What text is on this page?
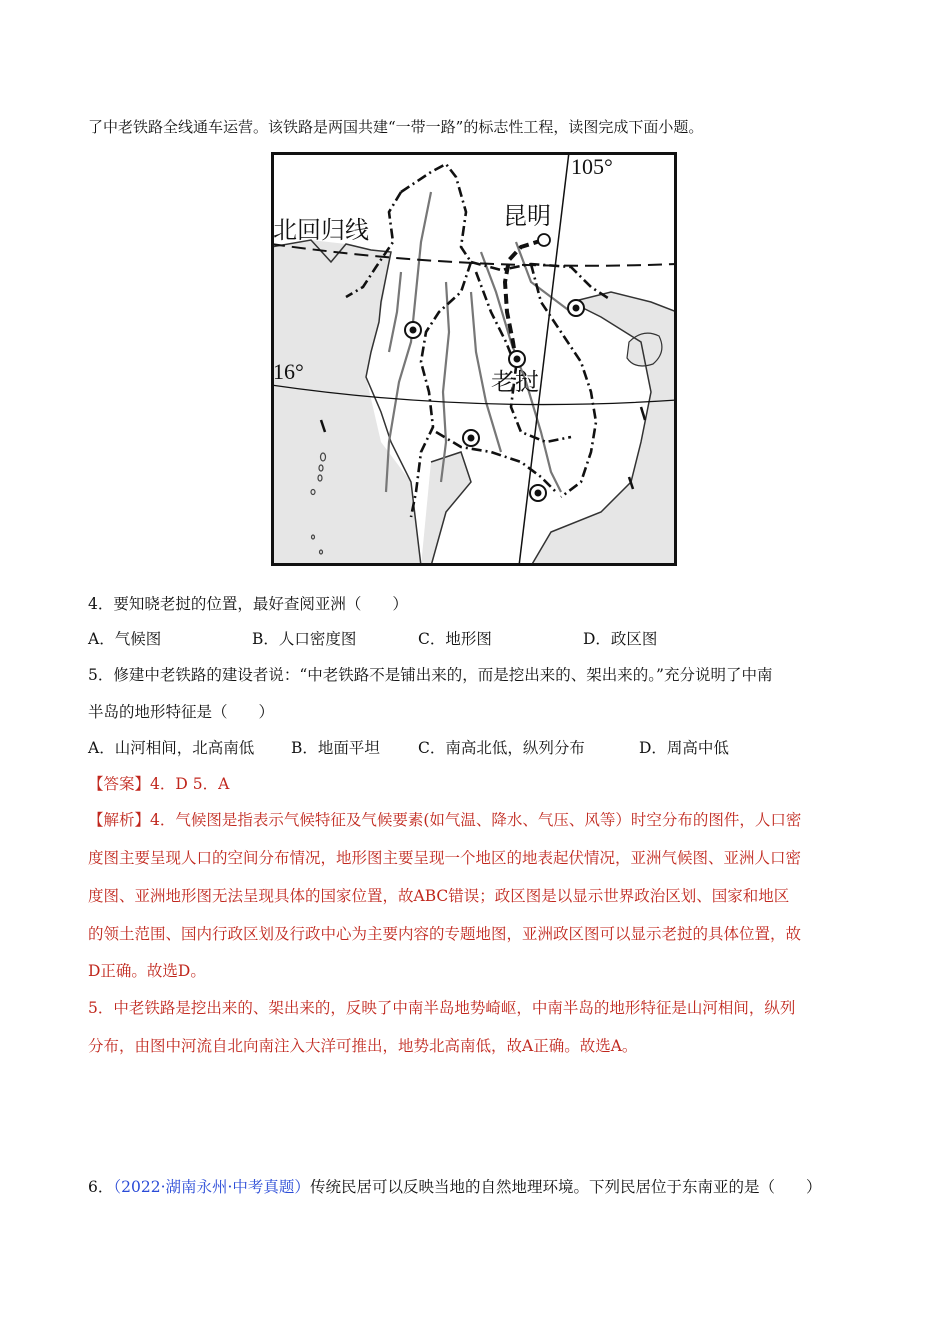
了中老铁路全线通车运营。该铁路是两国共建“一带一路”的标志性工程，读图完成下面小题。
105°
北回归线	昆明
16°	老挝
4．要知晓老挝的位置，最好查阅亚洲（　　）
A．气候图	B．人口密度图	C．地形图	D．政区图
5．修建中老铁路的建设者说：“中老铁路不是铺出来的，而是挖出来的、架出来的。”充分说明了中南
半岛的地形特征是（　　）
A．山河相间，北高南低 B．地面平坦 C．南高北低，纵列分布	D．周高中低
【答案】4．D 5．A
【解析】4．气候图是指表示气候特征及气候要素(如气温、降水、气压、风等）时空分布的图件，人口密
度图主要呈现人口的空间分布情况，地形图主要呈现一个地区的地表起伏情况，亚洲气候图、亚洲人口密
度图、亚洲地形图无法呈现具体的国家位置，故ABC错误；政区图是以显示世界政治区划、国家和地区
的领土范围、国内行政区划及行政中心为主要内容的专题地图，亚洲政区图可以显示老挝的具体位置，故
D正确。故选D。
5．中老铁路是挖出来的、架出来的，反映了中南半岛地势崎岖，中南半岛的地形特征是山河相间，纵列
分布，由图中河流自北向南注入大洋可推出，地势北高南低，故A正确。故选A。
6．（2022·湖南永州·中考真题）传统民居可以反映当地的自然地理环境。下列民居位于东南亚的是（　　）
